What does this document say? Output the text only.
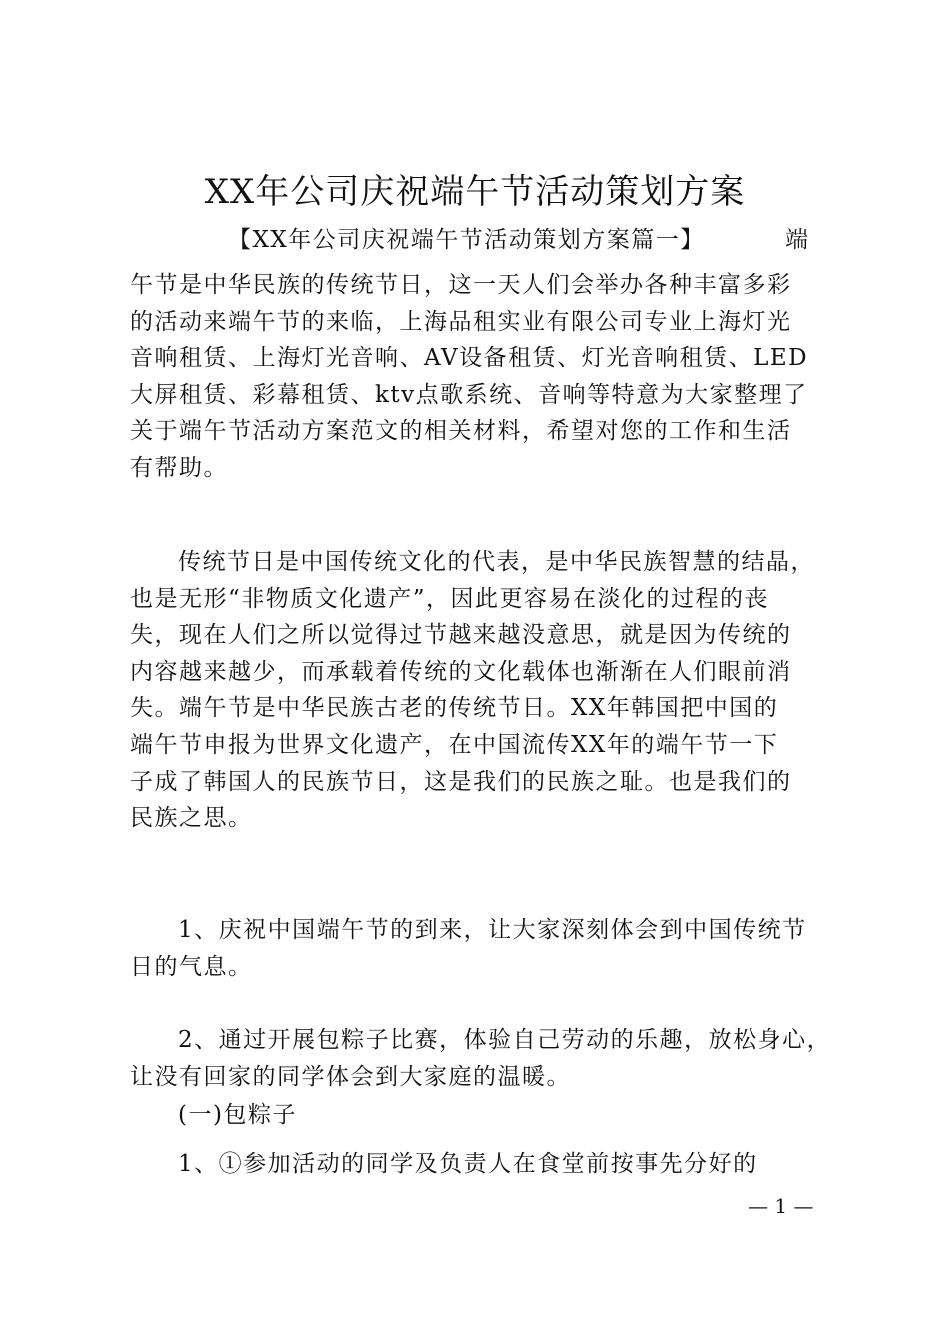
XX年公司庆祝端午节活动策划方案
【XX年公司庆祝端午节活动策划方案篇一】	端
午节是中华民族的传统节日，这一天人们会举办各种丰富多彩
的活动来端午节的来临，上海品租实业有限公司专业上海灯光
音响租赁、上海灯光音响、AV设备租赁、灯光音响租赁、LED
大屏租赁、彩幕租赁、ktv点歌系统、音响等特意为大家整理了
关于端午节活动方案范文的相关材料，希望对您的工作和生活
有帮助。
传统节日是中国传统文化的代表，是中华民族智慧的结晶，
也是无形“非物质文化遗产”，因此更容易在淡化的过程的丧
失，现在人们之所以觉得过节越来越没意思，就是因为传统的
内容越来越少，而承载着传统的文化载体也渐渐在人们眼前消
失。端午节是中华民族古老的传统节日。XX年韩国把中国的
端午节申报为世界文化遗产，在中国流传XX年的端午节一下
子成了韩国人的民族节日，这是我们的民族之耻。也是我们的
民族之思。
1、庆祝中国端午节的到来，让大家深刻体会到中国传统节
日的气息。
2、通过开展包粽子比赛，体验自己劳动的乐趣，放松身心，
让没有回家的同学体会到大家庭的温暖。
(一)包粽子
1、①参加活动的同学及负责人在食堂前按事先分好的
— 1 —
